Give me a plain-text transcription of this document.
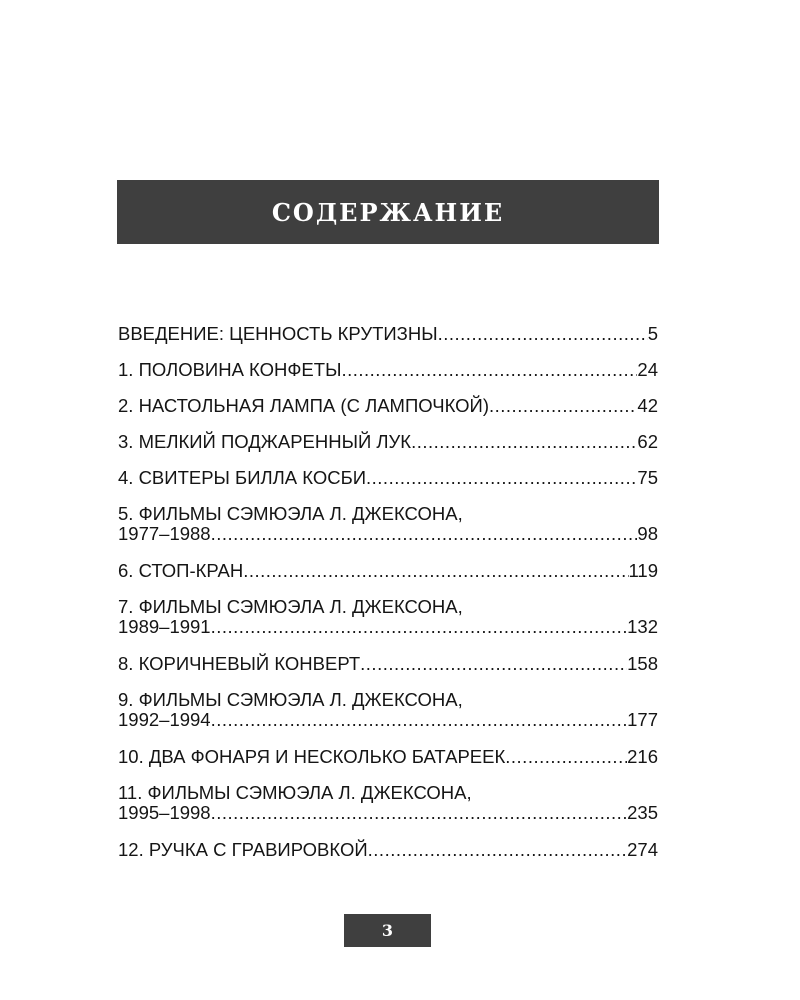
СОДЕРЖАНИЕ
ВВЕДЕНИЕ: ЦЕННОСТЬ КРУТИЗНЫ .....	5
1. ПОЛОВИНА КОНФЕТЫ .....	24
2. НАСТОЛЬНАЯ ЛАМПА (С ЛАМПОЧКОЙ) .....	42
3. МЕЛКИЙ ПОДЖАРЕННЫЙ ЛУК .....	62
4. СВИТЕРЫ БИЛЛА КОСБИ .....	75
5. ФИЛЬМЫ СЭМЮЭЛА Л. ДЖЕКСОНА,
1977–1988 .....	98
6. СТОП-КРАН .....	119
7. ФИЛЬМЫ СЭМЮЭЛА Л. ДЖЕКСОНА,
1989–1991 .....	132
8. КОРИЧНЕВЫЙ КОНВЕРТ .....	158
9. ФИЛЬМЫ СЭМЮЭЛА Л. ДЖЕКСОНА,
1992–1994 .....	177
10. ДВА ФОНАРЯ И НЕСКОЛЬКО БАТАРЕЕК .....	216
11. ФИЛЬМЫ СЭМЮЭЛА Л. ДЖЕКСОНА,
1995–1998 .....	235
12. РУЧКА С ГРАВИРОВКОЙ .....	274
3
